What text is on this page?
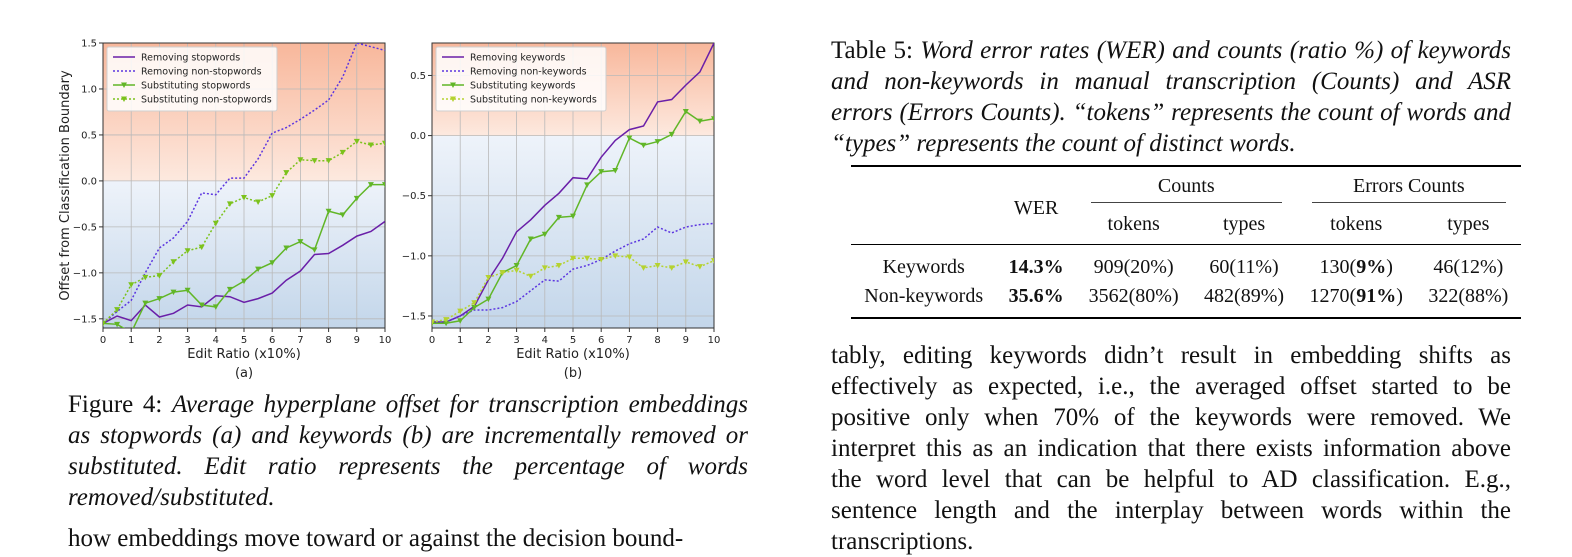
0 1 2 3 4 5 6 7 8 9 10
−1.5
−1.0
−0.5
0.0
0.5
1.0
1.5
Edit Ratio (x10%)
(a)
Offset from Classification Boundary
Removing stopwords
Removing non-stopwords
Substituting stopwords
Substituting non-stopwords
0 1 2 3 4 5 6 7 8 9 10
−1.5
−1.0
−0.5
0.0
0.5
Edit Ratio (x10%)
(b)
Removing keywords
Removing non-keywords
Substituting keywords
Substituting non-keywords
Figure 4: Average hyperplane offset for transcription embeddings as stopwords (a) and keywords (b) are incrementally removed or substituted. Edit ratio represents the percentage of words removed/substituted.
how embeddings move toward or against the decision bound-
Table 5: Word error rates (WER) and counts (ratio %) of keywords and non-keywords in manual transcription (Counts) and ASR errors (Errors Counts). “tokens” represents the count of words and “types” represents the count of distinct words.
	WER	Counts		Errors Counts	

		tokens	types	tokens	types

Keywords	14.3%	909(20%)	60(11%)	130(9%)	46(12%)
Non-keywords	35.6%	3562(80%)	482(89%)	1270(91%)	322(88%)
tably, editing keywords didn’t result in embedding shifts as effectively as expected, i.e., the averaged offset started to be positive only when 70% of the keywords were removed. We interpret this as an indication that there exists information above the word level that can be helpful to AD classification. E.g., sentence length and the interplay between words within the transcriptions.
